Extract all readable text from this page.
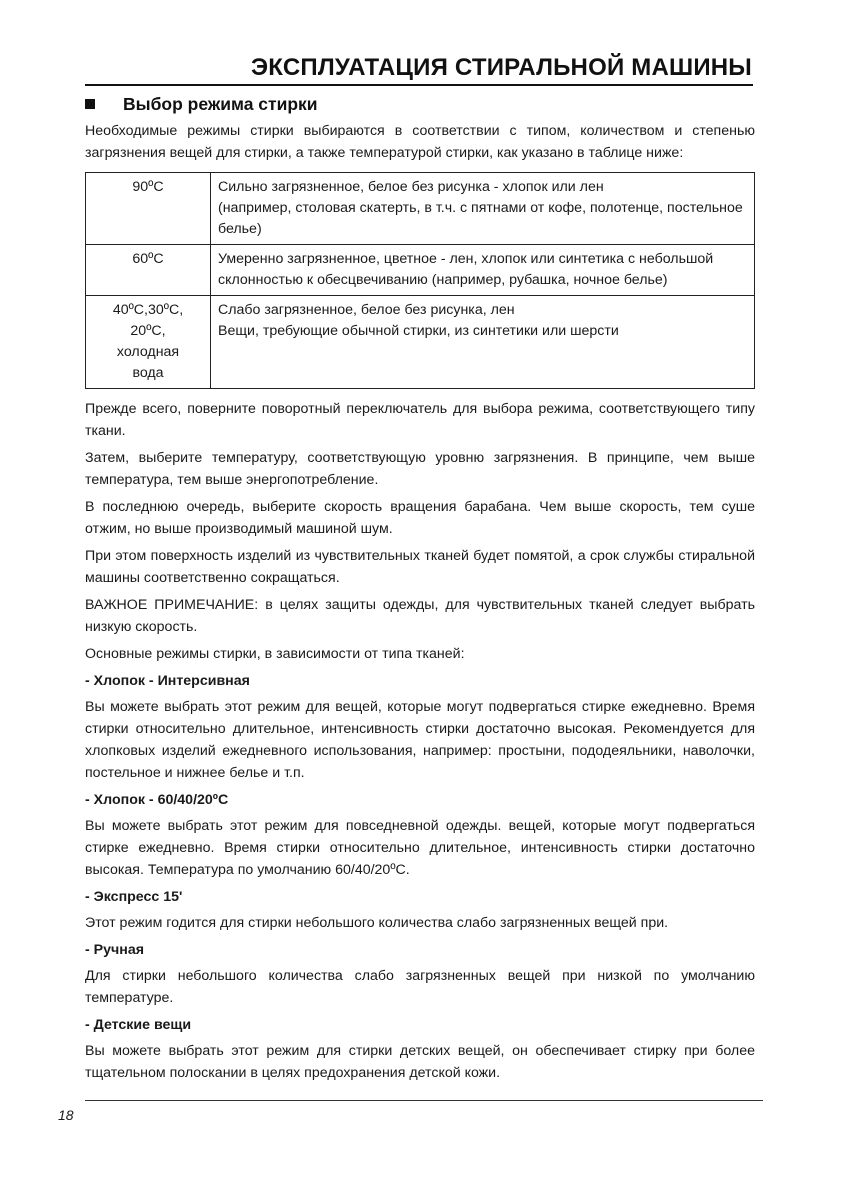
ЭКСПЛУАТАЦИЯ СТИРАЛЬНОЙ МАШИНЫ
Выбор режима стирки

Необходимые режимы стирки выбираются в соответствии с типом, количеством и степенью загрязнения вещей для стирки, а также температурой стирки, как указано в таблице ниже:

90ºC	Сильно загрязненное, белое без рисунка - хлопок или лен
(например, столовая скатерть, в т.ч. с пятнами от кофе, полотенце, постельное белье)
60ºC	Умеренно загрязненное, цветное - лен, хлопок или синтетика с небольшой склонностью к обесцвечиванию (например, рубашка, ночное белье)
40ºC,30ºC, 20ºC, холодная вода	Слабо загрязненное, белое без рисунка, лен
Вещи, требующие обычной стирки, из синтетики или шерсти

Прежде всего, поверните поворотный переключатель для выбора режима, соответствующего типу ткани.

Затем, выберите температуру, соответствующую уровню загрязнения. В принципе, чем выше температура, тем выше энергопотребление.

В последнюю очередь, выберите скорость вращения барабана. Чем выше скорость, тем суше отжим, но выше производимый машиной шум.

При этом поверхность изделий из чувствительных тканей будет помятой, а срок службы стиральной машины соответственно сокращаться.

ВАЖНОЕ ПРИМЕЧАНИЕ: в целях защиты одежды, для чувствительных тканей следует выбрать низкую скорость.

Основные режимы стирки, в зависимости от типа тканей:

- Хлопок - Интерсивная

Вы можете выбрать этот режим для вещей, которые могут подвергаться стирке ежедневно. Время стирки относительно длительное, интенсивность стирки достаточно высокая. Рекомендуется для хлопковых изделий ежедневного использования, например: простыни, пододеяльники, наволочки, постельное и нижнее белье и т.п.

- Хлопок - 60/40/20ºC

Вы можете выбрать этот режим для повседневной одежды. вещей, которые могут подвергаться стирке ежедневно. Время стирки относительно длительное, интенсивность стирки достаточно высокая. Температура по умолчанию 60/40/20ºC.

- Экспресс 15'

Этот режим годится для стирки небольшого количества слабо загрязненных вещей при.

- Ручная

Для стирки небольшого количества слабо загрязненных вещей при низкой по умолчанию температуре.

- Детские вещи

Вы можете выбрать этот режим для стирки детских вещей, он обеспечивает стирку при более тщательном полоскании в целях предохранения детской кожи.

18
